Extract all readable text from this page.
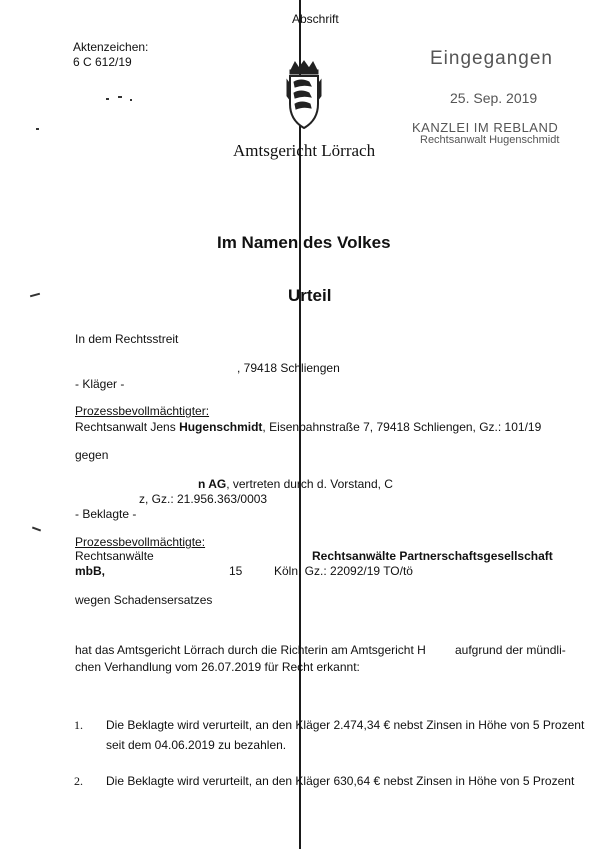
Abschrift
Aktenzeichen:
6 C 612/19
Amtsgericht Lörrach
Eingegangen
25. Sep. 2019
KANZLEI IM REBLAND
Rechtsanwalt Hugenschmidt
Im Namen des Volkes
Urteil
In dem Rechtsstreit
, 79418 Schliengen
- Kläger -
Prozessbevollmächtigter:
Rechtsanwalt Jens Hugenschmidt, Eisenbahnstraße 7, 79418 Schliengen, Gz.: 101/19
gegen
n AG, vertreten durch d. Vorstand, C
z, Gz.: 21.956.363/0003
- Beklagte -
Prozessbevollmächtigte:
Rechtsanwälte	Rechtsanwälte Partnerschaftsgesellschaft
mbB,	15	Köln, Gz.: 22092/19 TO/tö
wegen Schadensersatzes
hat das Amtsgericht Lörrach durch die Richterin am Amtsgericht H aufgrund der mündli-
chen Verhandlung vom 26.07.2019 für Recht erkannt:
1. Die Beklagte wird verurteilt, an den Kläger 2.474,34 € nebst Zinsen in Höhe von 5 Prozent
seit dem 04.06.2019 zu bezahlen.
2. Die Beklagte wird verurteilt, an den Kläger 630,64 € nebst Zinsen in Höhe von 5 Prozent
